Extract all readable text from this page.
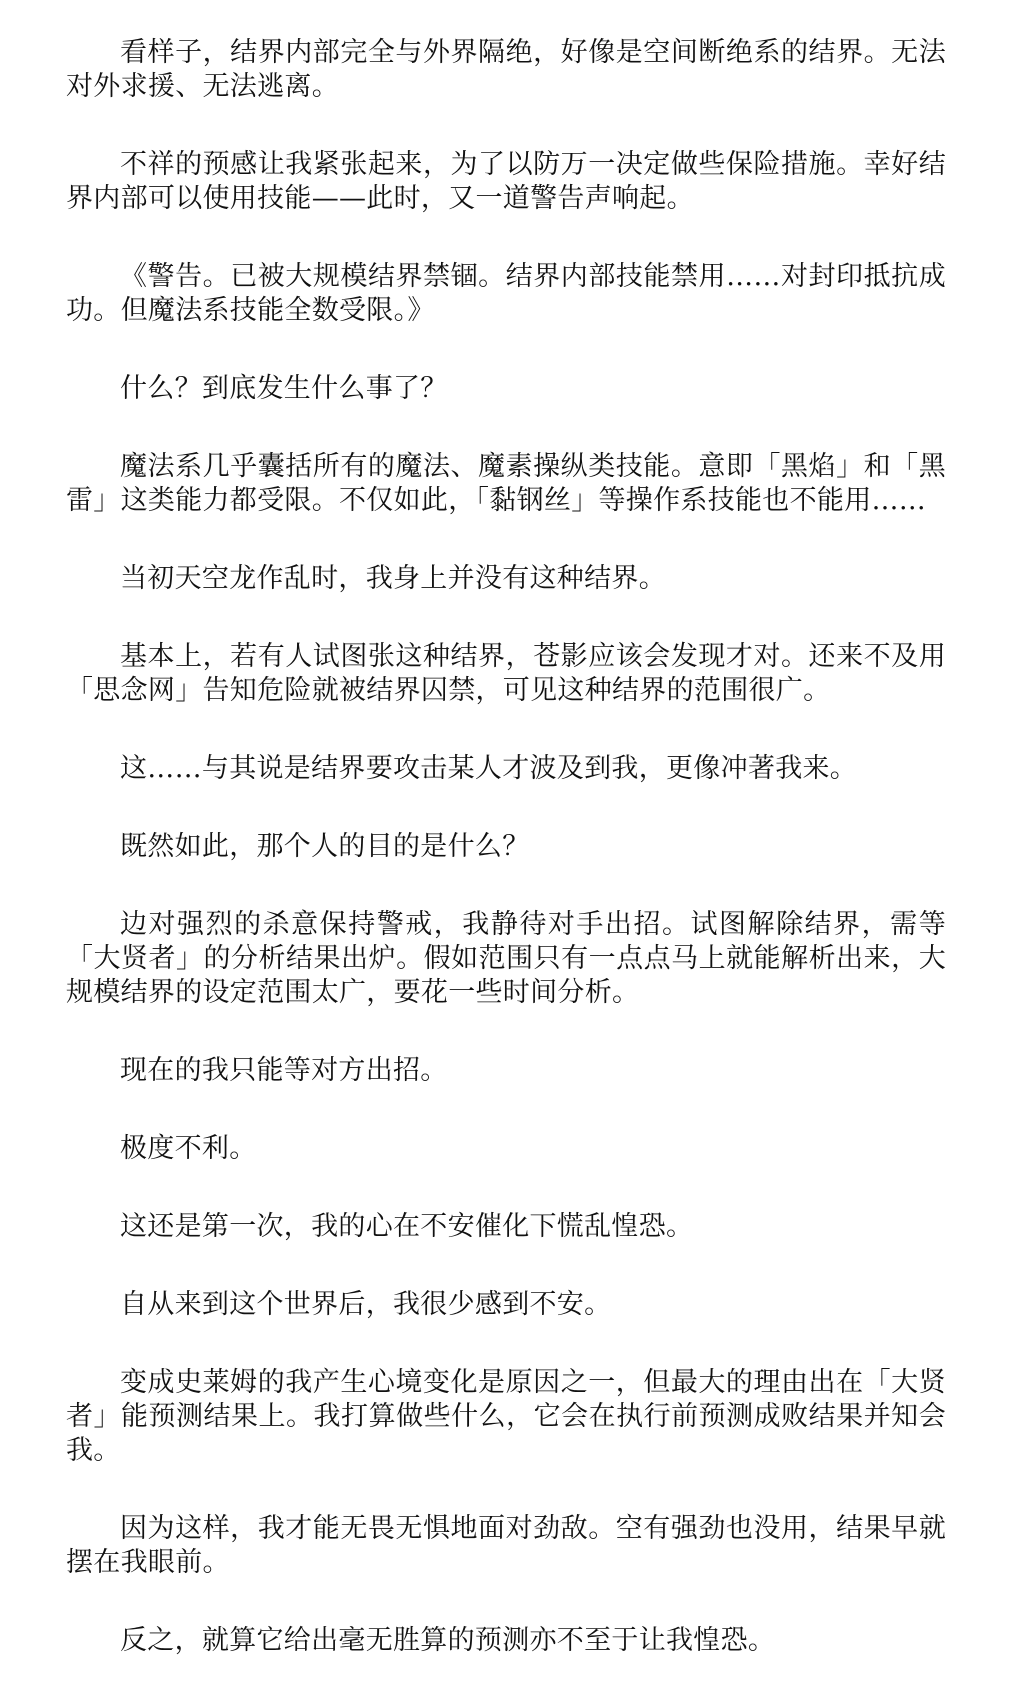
看样子，结界内部完全与外界隔绝，好像是空间断绝系的结界。无法对外求援、无法逃离。

不祥的预感让我紧张起来，为了以防万一决定做些保险措施。幸好结界内部可以使用技能——此时，又一道警告声响起。

《警告。已被大规模结界禁锢。结界内部技能禁用……对封印抵抗成功。但魔法系技能全数受限。》

什么？到底发生什么事了？

魔法系几乎囊括所有的魔法、魔素操纵类技能。意即「黑焰」和「黑雷」这类能力都受限。不仅如此，「黏钢丝」等操作系技能也不能用……

当初天空龙作乱时，我身上并没有这种结界。

基本上，若有人试图张这种结界，苍影应该会发现才对。还来不及用「思念网」告知危险就被结界囚禁，可见这种结界的范围很广。

这……与其说是结界要攻击某人才波及到我，更像冲著我来。

既然如此，那个人的目的是什么？

边对强烈的杀意保持警戒，我静待对手出招。试图解除结界，需等「大贤者」的分析结果出炉。假如范围只有一点点马上就能解析出来，大规模结界的设定范围太广，要花一些时间分析。

现在的我只能等对方出招。

极度不利。

这还是第一次，我的心在不安催化下慌乱惶恐。

自从来到这个世界后，我很少感到不安。

变成史莱姆的我产生心境变化是原因之一，但最大的理由出在「大贤者」能预测结果上。我打算做些什么，它会在执行前预测成败结果并知会我。

因为这样，我才能无畏无惧地面对劲敌。空有强劲也没用，结果早就摆在我眼前。

反之，就算它给出毫无胜算的预测亦不至于让我惶恐。
